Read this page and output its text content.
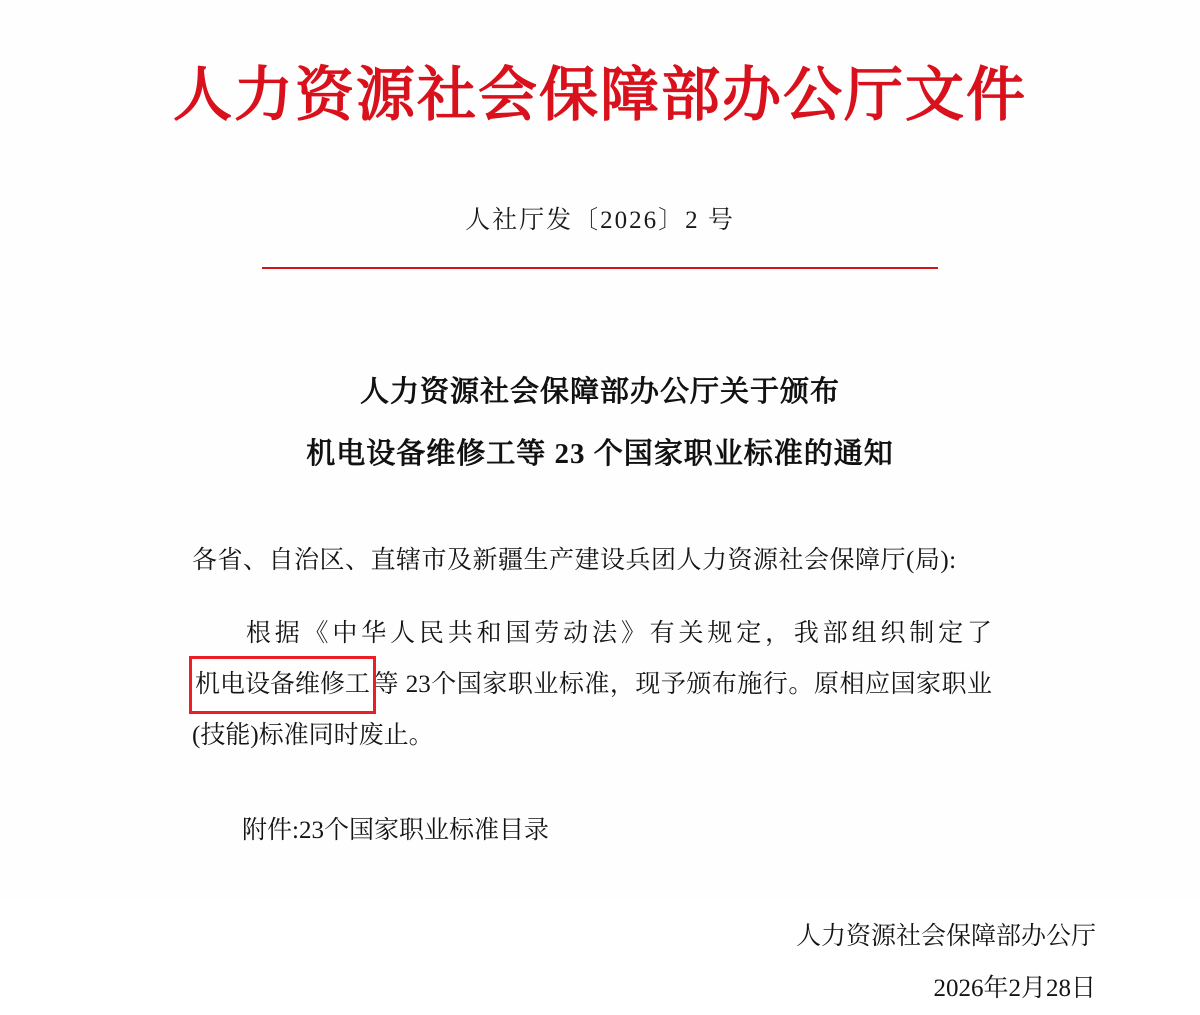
人力资源社会保障部办公厅文件
人社厅发〔2026〕2 号
人力资源社会保障部办公厅关于颁布
机电设备维修工等 23 个国家职业标准的通知
各省、自治区、直辖市及新疆生产建设兵团人力资源社会保障厅(局):
根据《中华人民共和国劳动法》有关规定，我部组织制定了机电设备维修工 等 23个国家职业标准，现予颁布施行。原相应国家职业(技能)标准同时废止。
附件:23个国家职业标准目录
人力资源社会保障部办公厅
2026年2月28日
